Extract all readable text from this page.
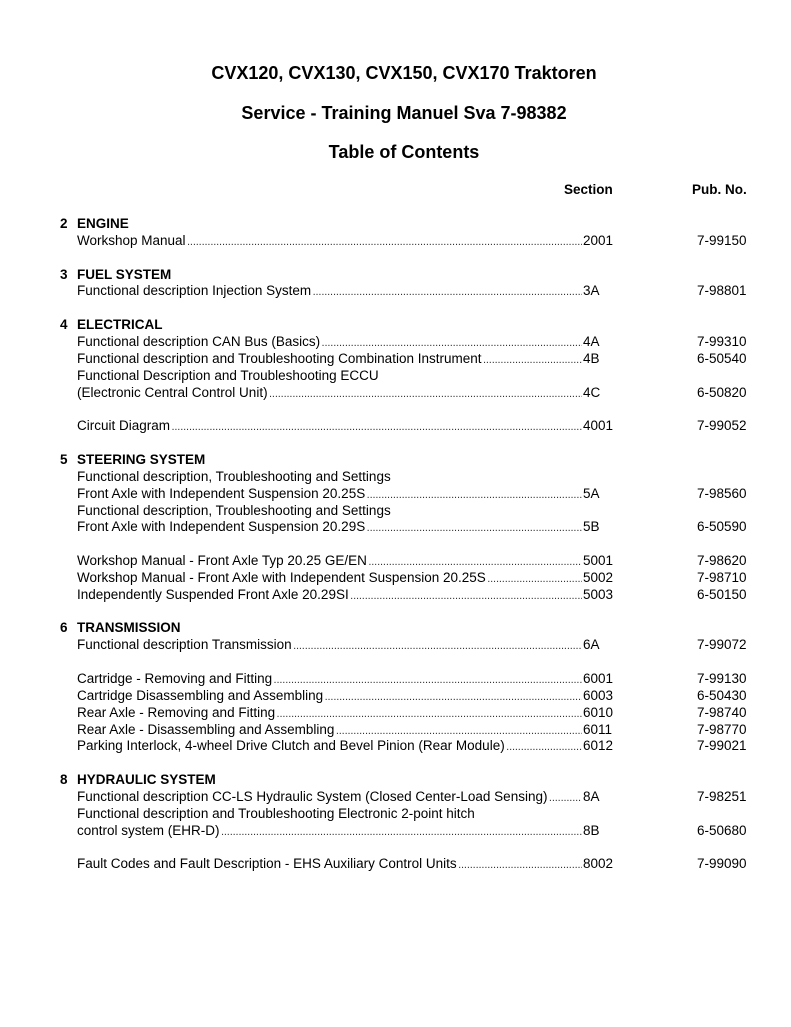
CVX120, CVX130, CVX150, CVX170 Traktoren
Service - Training Manuel Sva 7-98382
Table of Contents
Section	Pub. No.
2 ENGINE
Workshop Manual . . .	2001	7-99150
3 FUEL SYSTEM
Functional description Injection System . . .	3A	7-98801
4 ELECTRICAL
Functional description CAN Bus (Basics) . . .	4A	7-99310
Functional description and Troubleshooting Combination Instrument . . .	4B	6-50540
Functional Description and Troubleshooting ECCU
(Electronic Central Control Unit) . . .	4C	6-50820
Circuit Diagram . . .	4001	7-99052
5 STEERING SYSTEM
Functional description, Troubleshooting and Settings
Front Axle with Independent Suspension 20.25S . . .	5A	7-98560
Functional description, Troubleshooting and Settings
Front Axle with Independent Suspension 20.29S . . .	5B	6-50590
Workshop Manual - Front Axle Typ 20.25 GE/EN . . .	5001	7-98620
Workshop Manual - Front Axle with Independent Suspension 20.25S . . .	5002	7-98710
Independently Suspended Front Axle 20.29SI . . .	5003	6-50150
6 TRANSMISSION
Functional description Transmission . . .	6A	7-99072
Cartridge - Removing and Fitting . . .	6001	7-99130
Cartridge Disassembling and Assembling . . .	6003	6-50430
Rear Axle - Removing and Fitting . . .	6010	7-98740
Rear Axle - Disassembling and Assembling . . .	6011	7-98770
Parking Interlock, 4-wheel Drive Clutch and Bevel Pinion (Rear Module) . . .	6012	7-99021
8 HYDRAULIC SYSTEM
Functional description CC-LS Hydraulic System (Closed Center-Load Sensing) . . .	8A	7-98251
Functional description and Troubleshooting Electronic 2-point hitch
control system (EHR-D) . . .	8B	6-50680
Fault Codes and Fault Description - EHS Auxiliary Control Units . . .	8002	7-99090
